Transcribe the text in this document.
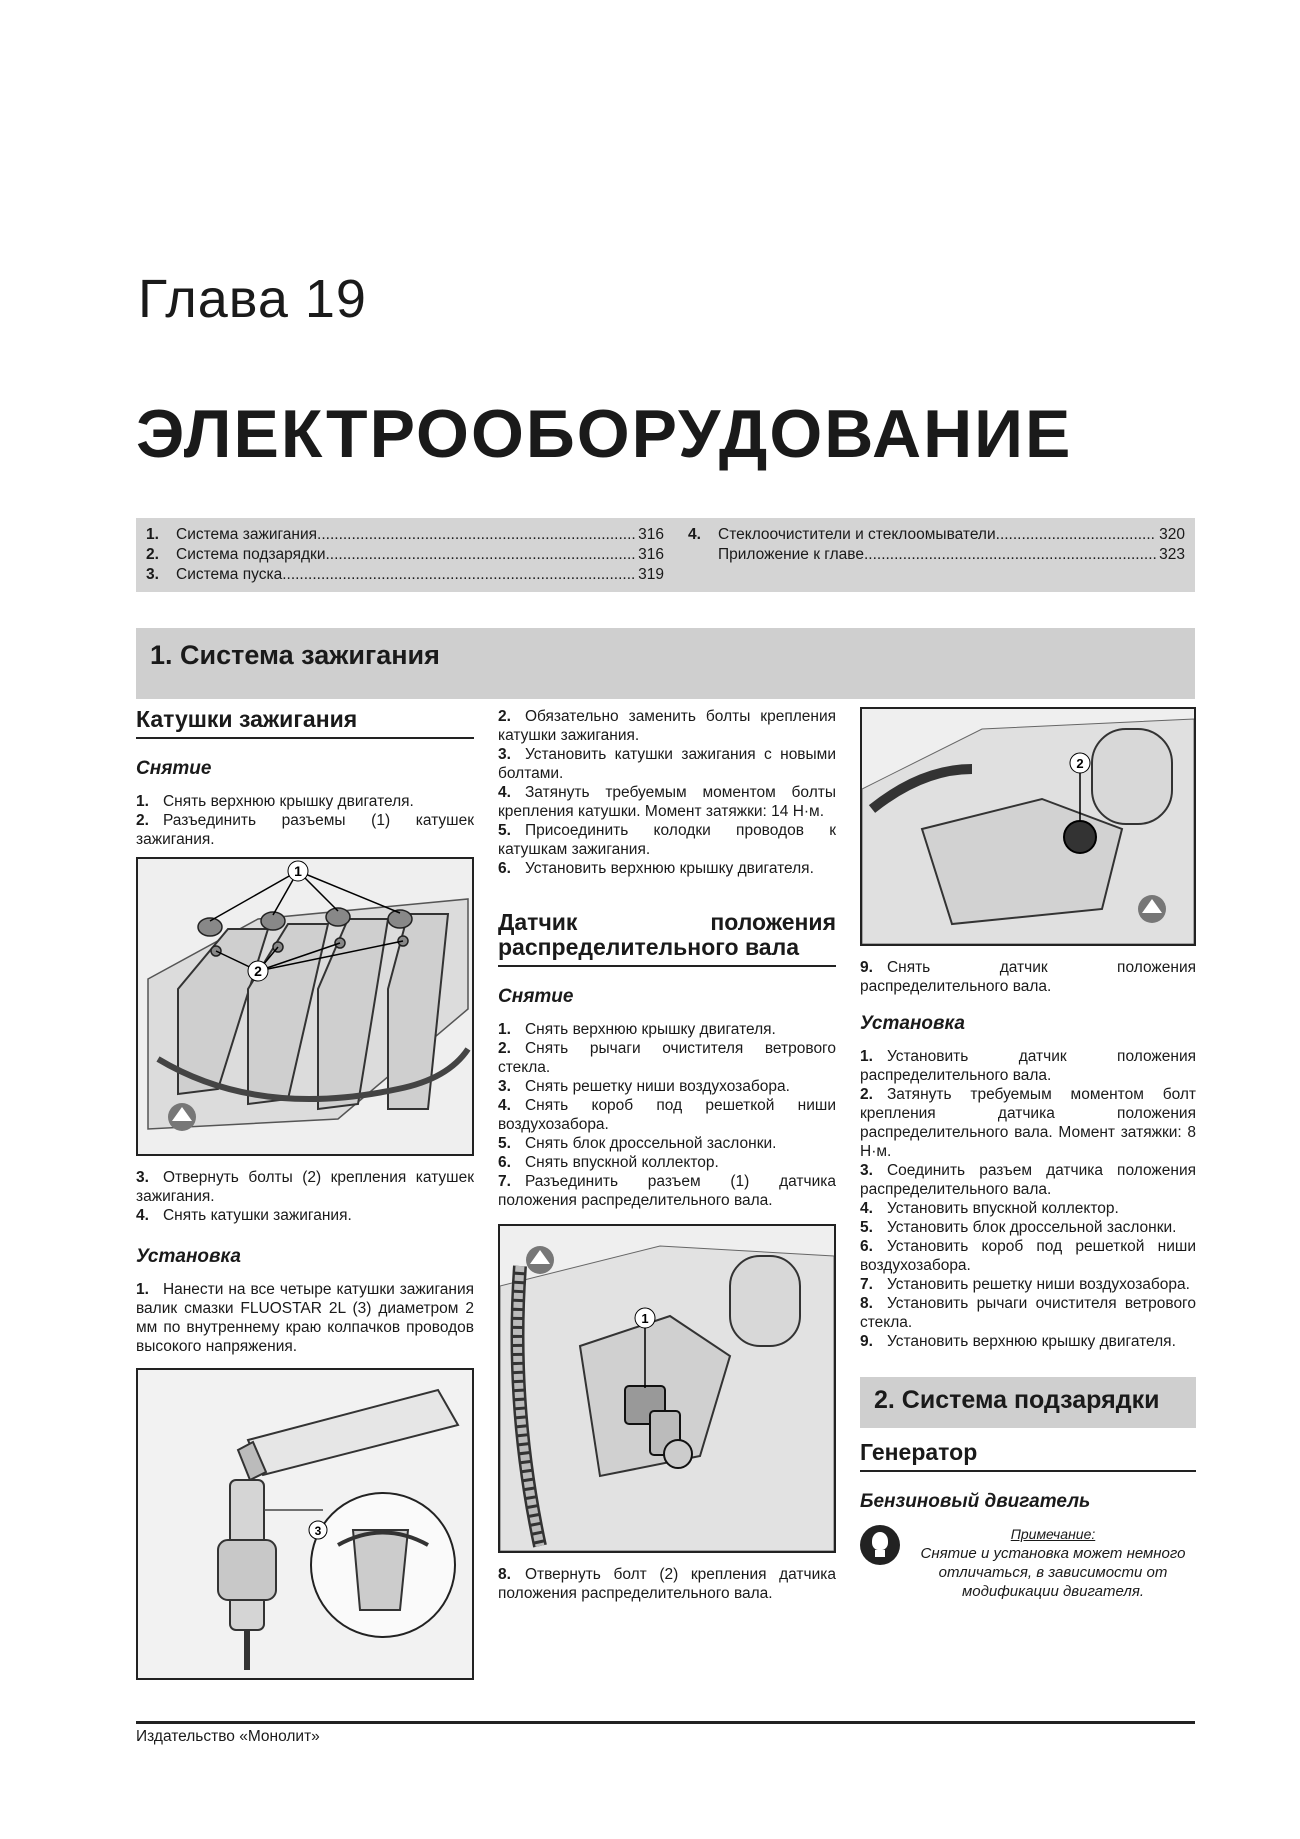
Глава 19
ЭЛЕКТРООБОРУДОВАНИЕ
1.	Система зажигания .....	316
2.	Система подзарядки .....	316
3.	Система пуска .....	319
4.	Стеклоочистители и стеклоомыватели .....	320
Приложение к главе .....	323
1. Система зажигания
Катушки зажигания
Снятие

1. Снять верхнюю крышку двигателя.

2. Разъединить разъемы (1) катушек зажигания.

1
2

3. Отвернуть болты (2) крепления катушек зажигания.

4. Снять катушки зажигания.

Установка

1. Нанести на все четыре катушки зажигания валик смазки FLUOSTAR 2L (3) диаметром 2 мм по внутреннему краю колпачков проводов высокого напряжения.

3

2. Обязательно заменить болты крепления катушки зажигания.

3. Установить катушки зажигания с новыми болтами.

4. Затянуть требуемым моментом болты крепления катушки. Момент затяжки: 14 Н·м.

5. Присоединить колодки проводов к катушкам зажигания.

6. Установить верхнюю крышку двигателя.

Датчик положения распределительного вала
Снятие

1. Снять верхнюю крышку двигателя.

2. Снять рычаги очистителя ветрового стекла.

3. Снять решетку ниши воздухозабора.

4. Снять короб под решеткой ниши воздухозабора.

5. Снять блок дроссельной заслонки.

6. Снять впускной коллектор.

7. Разъединить разъем (1) датчика положения распределительного вала.

1

8. Отвернуть болт (2) крепления датчика положения распределительного вала.

2

9. Снять датчик положения распределительного вала.

Установка

1. Установить датчик положения распределительного вала.

2. Затянуть требуемым моментом болт крепления датчика положения распределительного вала. Момент затяжки: 8 Н·м.

3. Соединить разъем датчика положения распределительного вала.

4. Установить впускной коллектор.

5. Установить блок дроссельной заслонки.

6. Установить короб под решеткой ниши воздухозабора.

7. Установить решетку ниши воздухозабора.

8. Установить рычаги очистителя ветрового стекла.

9. Установить верхнюю крышку двигателя.

2. Система подзарядки
Генератор
Бензиновый двигатель
Примечание:
Снятие и установка может немного отличаться, в зависимости от модификации двигателя.
Издательство «Монолит»
